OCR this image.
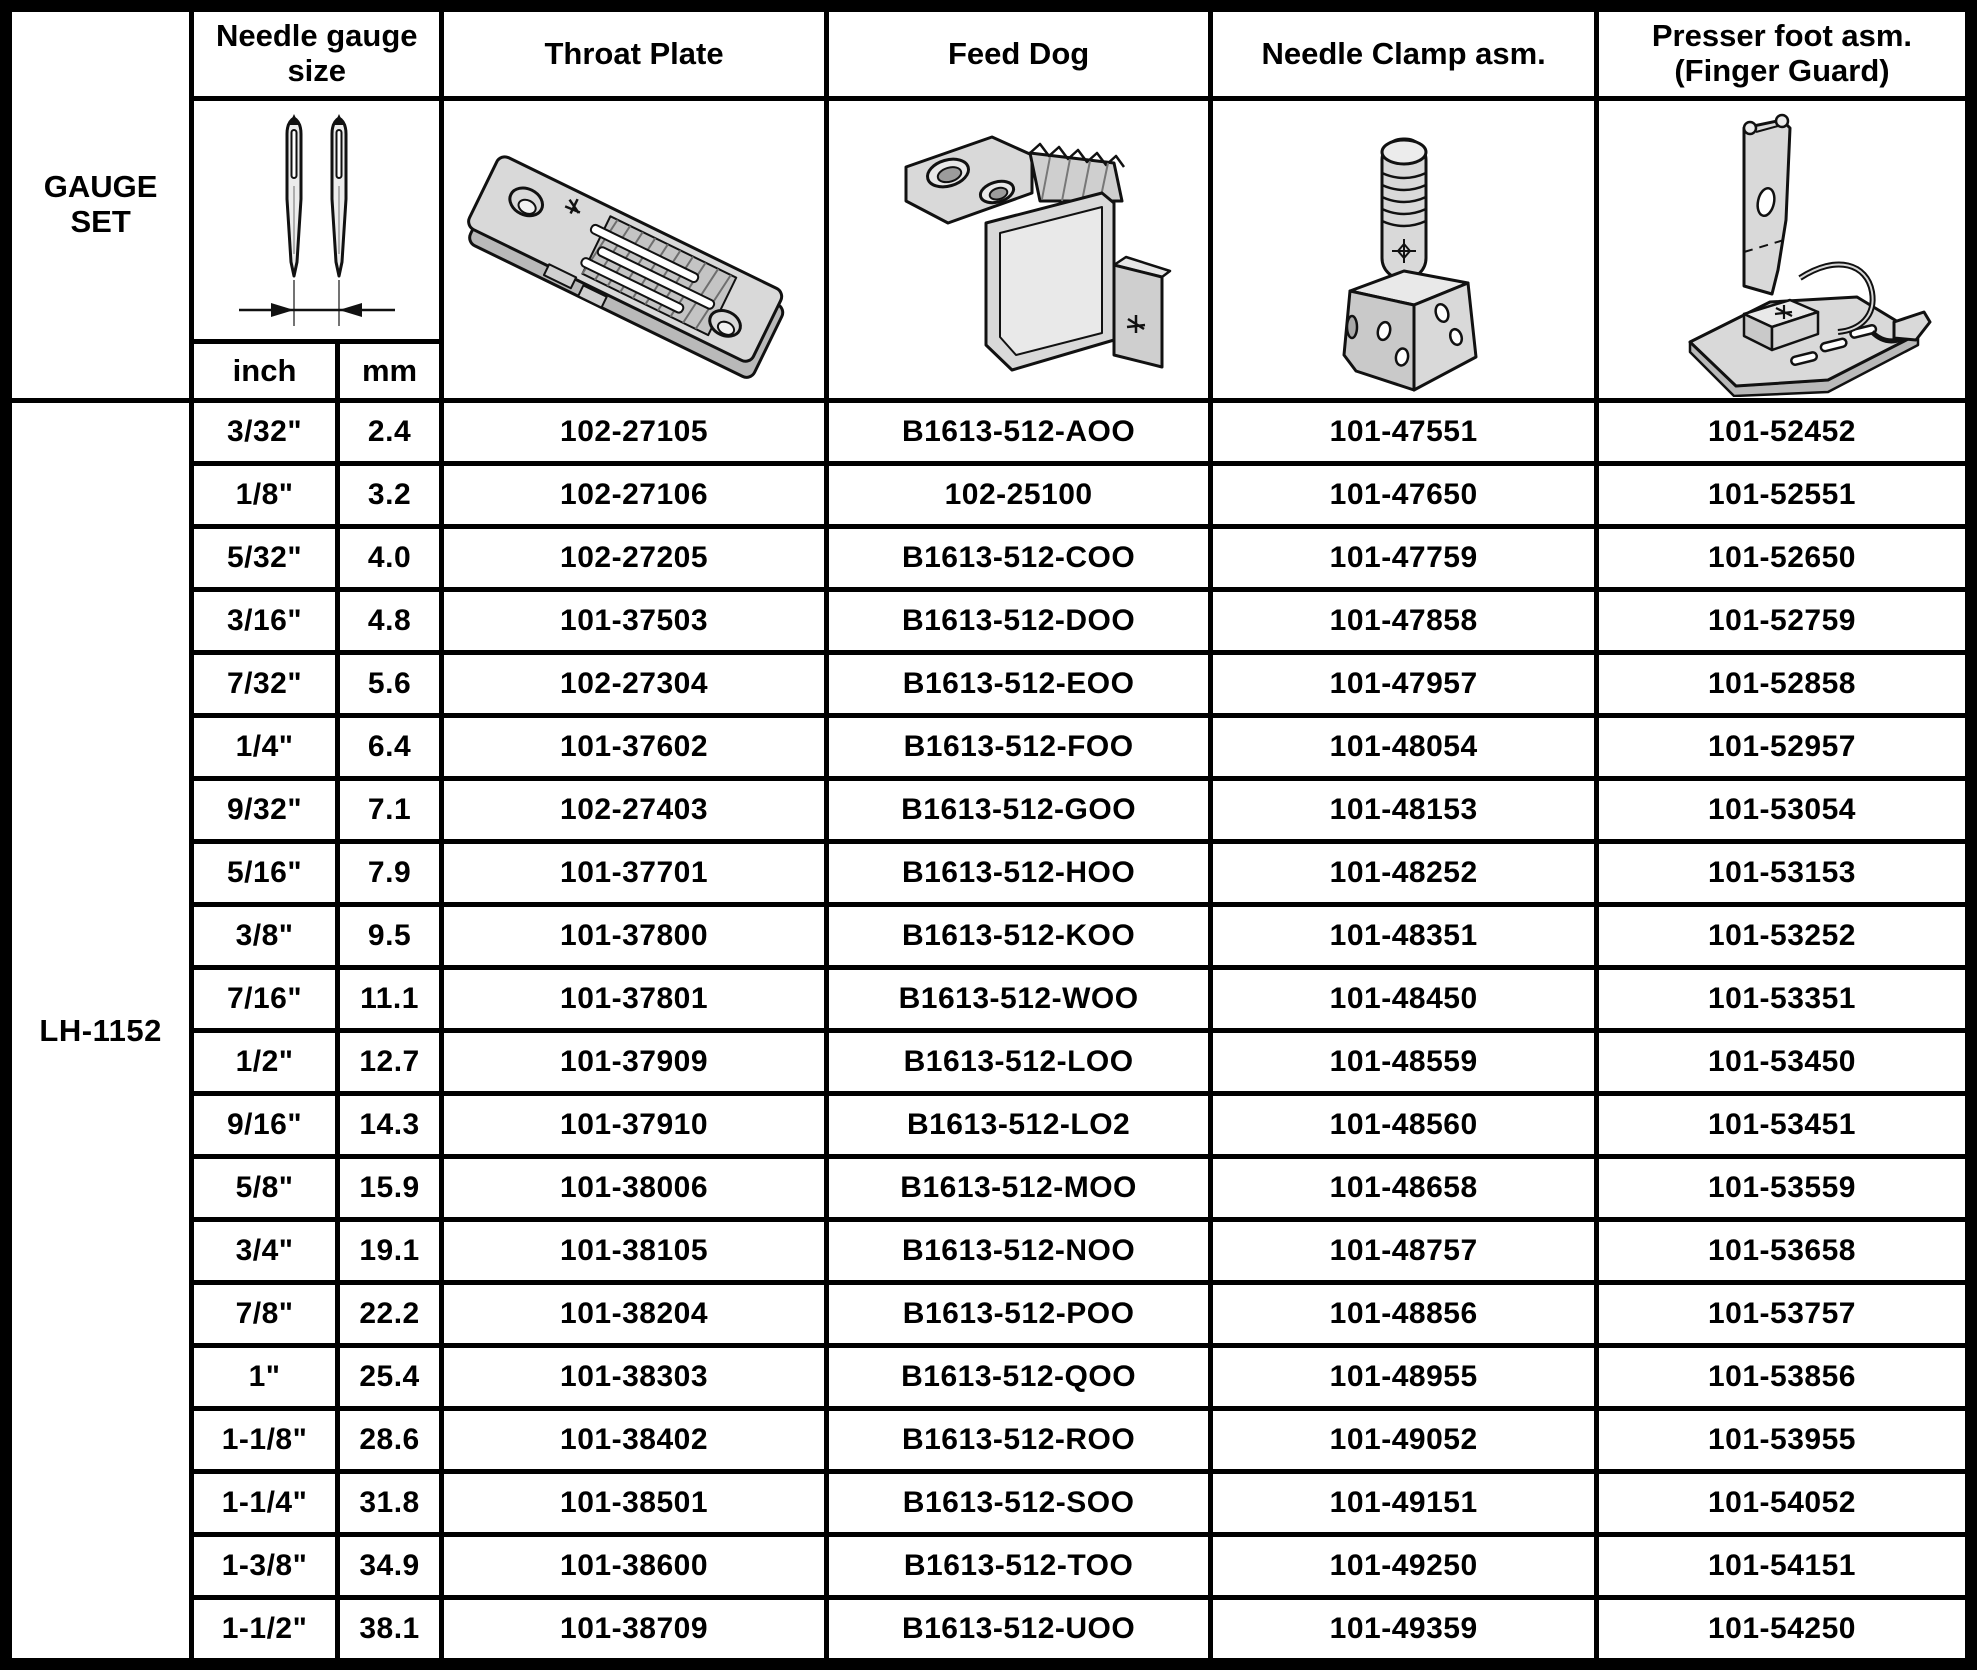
GAUGE SET	Needle gauge size		Throat Plate	Feed Dog	Needle Clamp asm.	Presser foot asm.
(Finger Guard)

	inch	mm				
LH-1152	3/32"	2.4	102-27105	B1613-512-AOO	101-47551	101-52452
	1/8"	3.2	102-27106	102-25100	101-47650	101-52551
	5/32"	4.0	102-27205	B1613-512-COO	101-47759	101-52650
	3/16"	4.8	101-37503	B1613-512-DOO	101-47858	101-52759
	7/32"	5.6	102-27304	B1613-512-EOO	101-47957	101-52858
	1/4"	6.4	101-37602	B1613-512-FOO	101-48054	101-52957
	9/32"	7.1	102-27403	B1613-512-GOO	101-48153	101-53054
	5/16"	7.9	101-37701	B1613-512-HOO	101-48252	101-53153
	3/8"	9.5	101-37800	B1613-512-KOO	101-48351	101-53252
	7/16"	11.1	101-37801	B1613-512-WOO	101-48450	101-53351
	1/2"	12.7	101-37909	B1613-512-LOO	101-48559	101-53450
	9/16"	14.3	101-37910	B1613-512-LO2	101-48560	101-53451
	5/8"	15.9	101-38006	B1613-512-MOO	101-48658	101-53559
	3/4"	19.1	101-38105	B1613-512-NOO	101-48757	101-53658
	7/8"	22.2	101-38204	B1613-512-POO	101-48856	101-53757
	1"	25.4	101-38303	B1613-512-QOO	101-48955	101-53856
	1-1/8"	28.6	101-38402	B1613-512-ROO	101-49052	101-53955
	1-1/4"	31.8	101-38501	B1613-512-SOO	101-49151	101-54052
	1-3/8"	34.9	101-38600	B1613-512-TOO	101-49250	101-54151
	1-1/2"	38.1	101-38709	B1613-512-UOO	101-49359	101-54250
